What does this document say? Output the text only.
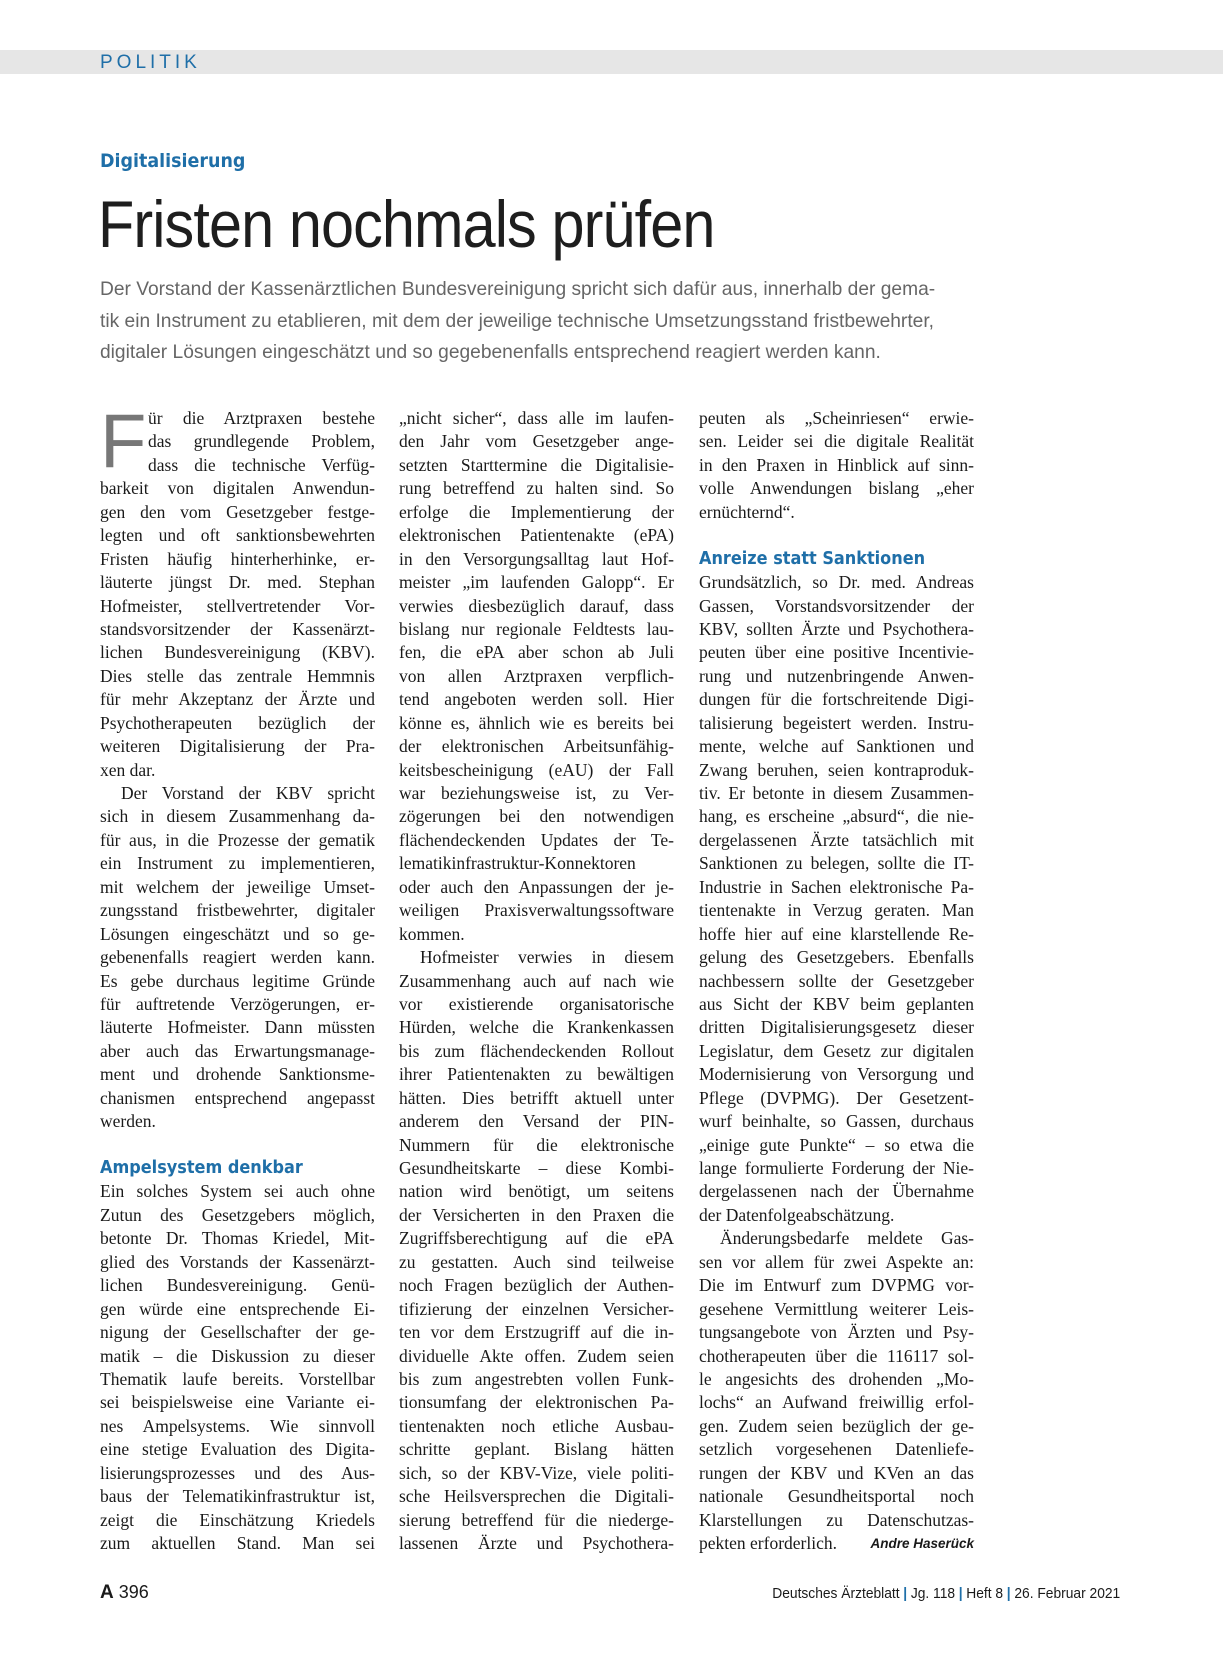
POLITIK
Digitalisierung
Fristen nochmals prüfen
Der Vorstand der Kassenärztlichen Bundesvereinigung spricht sich dafür aus, innerhalb der gema-
tik ein Instrument zu etablieren, mit dem der jeweilige technische Umsetzungsstand fristbewehrter,
digitaler Lösungen eingeschätzt und so gegebenenfalls entsprechend reagiert werden kann.
F ür die Arztpraxen bestehe
das grundlegende Problem,
dass die technische Verfüg-
barkeit von digitalen Anwendun-
gen den vom Gesetzgeber festge-
legten und oft sanktionsbewehrten
Fristen häufig hinterherhinke, er-
läuterte jüngst Dr. med. Stephan
Hofmeister, stellvertretender Vor-
standsvorsitzender der Kassenärzt-
lichen Bundesvereinigung (KBV).
Dies stelle das zentrale Hemmnis
für mehr Akzeptanz der Ärzte und
Psychotherapeuten bezüglich der
weiteren Digitalisierung der Pra-
xen dar.
Der Vorstand der KBV spricht
sich in diesem Zusammenhang da-
für aus, in die Prozesse der gematik
ein Instrument zu implementieren,
mit welchem der jeweilige Umset-
zungsstand fristbewehrter, digitaler
Lösungen eingeschätzt und so ge-
gebenenfalls reagiert werden kann.
Es gebe durchaus legitime Gründe
für auftretende Verzögerungen, er-
läuterte Hofmeister. Dann müssten
aber auch das Erwartungsmanage-
ment und drohende Sanktionsme-
chanismen entsprechend angepasst
werden.
Ampelsystem denkbar
Ein solches System sei auch ohne
Zutun des Gesetzgebers möglich,
betonte Dr. Thomas Kriedel, Mit-
glied des Vorstands der Kassenärzt-
lichen Bundesvereinigung. Genü-
gen würde eine entsprechende Ei-
nigung der Gesellschafter der ge-
matik – die Diskussion zu dieser
Thematik laufe bereits. Vorstellbar
sei beispielsweise eine Variante ei-
nes Ampelsystems. Wie sinnvoll
eine stetige Evaluation des Digita-
lisierungsprozesses und des Aus-
baus der Telematikinfrastruktur ist,
zeigt die Einschätzung Kriedels
zum aktuellen Stand. Man sei
„nicht sicher“, dass alle im laufen-
den Jahr vom Gesetzgeber ange-
setzten Starttermine die Digitalisie-
rung betreffend zu halten sind. So
erfolge die Implementierung der
elektronischen Patientenakte (ePA)
in den Versorgungsalltag laut Hof-
meister „im laufenden Galopp“. Er
verwies diesbezüglich darauf, dass
bislang nur regionale Feldtests lau-
fen, die ePA aber schon ab Juli
von allen Arztpraxen verpflich-
tend angeboten werden soll. Hier
könne es, ähnlich wie es bereits bei
der elektronischen Arbeitsunfähig-
keitsbescheinigung (eAU) der Fall
war beziehungsweise ist, zu Ver-
zögerungen bei den notwendigen
flächendeckenden Updates der Te-
lematikinfrastruktur-Konnektoren
oder auch den Anpassungen der je-
weiligen Praxisverwaltungssoftware
kommen.
Hofmeister verwies in diesem
Zusammenhang auch auf nach wie
vor existierende organisatorische
Hürden, welche die Krankenkassen
bis zum flächendeckenden Rollout
ihrer Patientenakten zu bewältigen
hätten. Dies betrifft aktuell unter
anderem den Versand der PIN-
Nummern für die elektronische
Gesundheitskarte – diese Kombi-
nation wird benötigt, um seitens
der Versicherten in den Praxen die
Zugriffsberechtigung auf die ePA
zu gestatten. Auch sind teilweise
noch Fragen bezüglich der Authen-
tifizierung der einzelnen Versicher-
ten vor dem Erstzugriff auf die in-
dividuelle Akte offen. Zudem seien
bis zum angestrebten vollen Funk-
tionsumfang der elektronischen Pa-
tientenakten noch etliche Ausbau-
schritte geplant. Bislang hätten
sich, so der KBV-Vize, viele politi-
sche Heilsversprechen die Digitali-
sierung betreffend für die niederge-
lassenen Ärzte und Psychothera-
peuten als „Scheinriesen“ erwie-
sen. Leider sei die digitale Realität
in den Praxen in Hinblick auf sinn-
volle Anwendungen bislang „eher
ernüchternd“.
Anreize statt Sanktionen
Grundsätzlich, so Dr. med. Andreas
Gassen, Vorstandsvorsitzender der
KBV, sollten Ärzte und Psychothera-
peuten über eine positive Incentivie-
rung und nutzenbringende Anwen-
dungen für die fortschreitende Digi-
talisierung begeistert werden. Instru-
mente, welche auf Sanktionen und
Zwang beruhen, seien kontraproduk-
tiv. Er betonte in diesem Zusammen-
hang, es erscheine „absurd“, die nie-
dergelassenen Ärzte tatsächlich mit
Sanktionen zu belegen, sollte die IT-
Industrie in Sachen elektronische Pa-
tientenakte in Verzug geraten. Man
hoffe hier auf eine klarstellende Re-
gelung des Gesetzgebers. Ebenfalls
nachbessern sollte der Gesetzgeber
aus Sicht der KBV beim geplanten
dritten Digitalisierungsgesetz dieser
Legislatur, dem Gesetz zur digitalen
Modernisierung von Versorgung und
Pflege (DVPMG). Der Gesetzent-
wurf beinhalte, so Gassen, durchaus
„einige gute Punkte“ – so etwa die
lange formulierte Forderung der Nie-
dergelassenen nach der Übernahme
der Datenfolgeabschätzung.
Änderungsbedarfe meldete Gas-
sen vor allem für zwei Aspekte an:
Die im Entwurf zum DVPMG vor-
gesehene Vermittlung weiterer Leis-
tungsangebote von Ärzten und Psy-
chotherapeuten über die 116117 sol-
le angesichts des drohenden „Mo-
lochs“ an Aufwand freiwillig erfol-
gen. Zudem seien bezüglich der ge-
setzlich vorgesehenen Datenliefe-
rungen der KBV und KVen an das
nationale Gesundheitsportal noch
Klarstellungen zu Datenschutzas-
pekten erforderlich. Andre Haserück
A 396	Deutsches Ärzteblatt | Jg. 118 | Heft 8 | 26. Februar 2021
